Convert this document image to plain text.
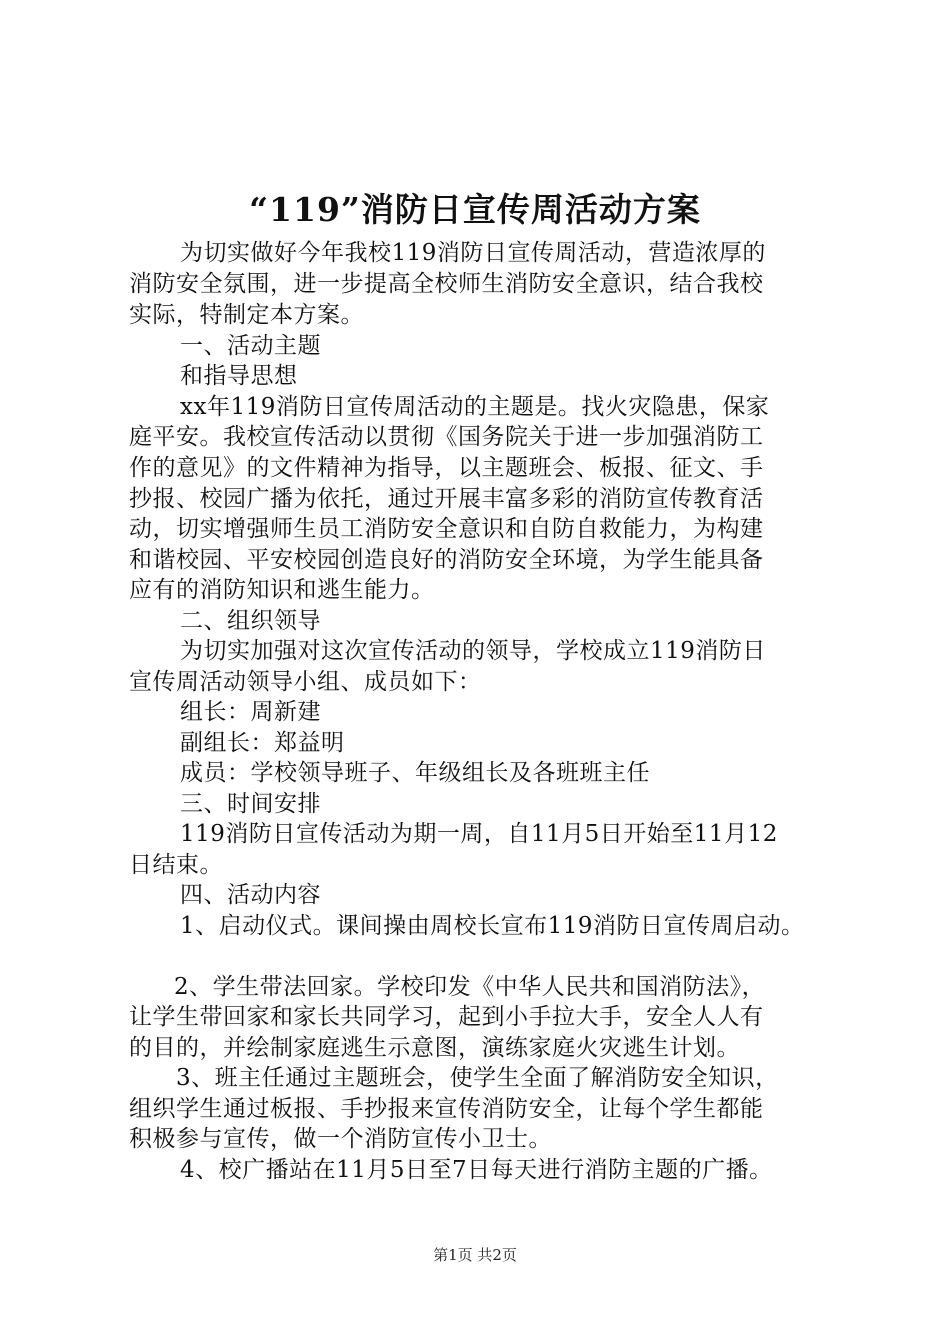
“119”消防日宣传周活动方案
为切实做好今年我校119消防日宣传周活动，营造浓厚的
消防安全氛围，进一步提高全校师生消防安全意识，结合我校
实际，特制定本方案。
一、活动主题
和指导思想
xx年119消防日宣传周活动的主题是。找火灾隐患，保家
庭平安。我校宣传活动以贯彻《国务院关于进一步加强消防工
作的意见》的文件精神为指导，以主题班会、板报、征文、手
抄报、校园广播为依托，通过开展丰富多彩的消防宣传教育活
动，切实增强师生员工消防安全意识和自防自救能力，为构建
和谐校园、平安校园创造良好的消防安全环境，为学生能具备
应有的消防知识和逃生能力。
二、组织领导
为切实加强对这次宣传活动的领导，学校成立119消防日
宣传周活动领导小组、成员如下：
组长：周新建
副组长：郑益明
成员：学校领导班子、年级组长及各班班主任
三、时间安排
119消防日宣传活动为期一周，自11月5日开始至11月12
日结束。
四、活动内容
1、启动仪式。课间操由周校长宣布119消防日宣传周启动。
2、学生带法回家。学校印发《中华人民共和国消防法》，
让学生带回家和家长共同学习，起到小手拉大手，安全人人有
的目的，并绘制家庭逃生示意图，演练家庭火灾逃生计划。
3、班主任通过主题班会，使学生全面了解消防安全知识，
组织学生通过板报、手抄报来宣传消防安全，让每个学生都能
积极参与宣传，做一个消防宣传小卫士。
4、校广播站在11月5日至7日每天进行消防主题的广播。
第1页 共2页
